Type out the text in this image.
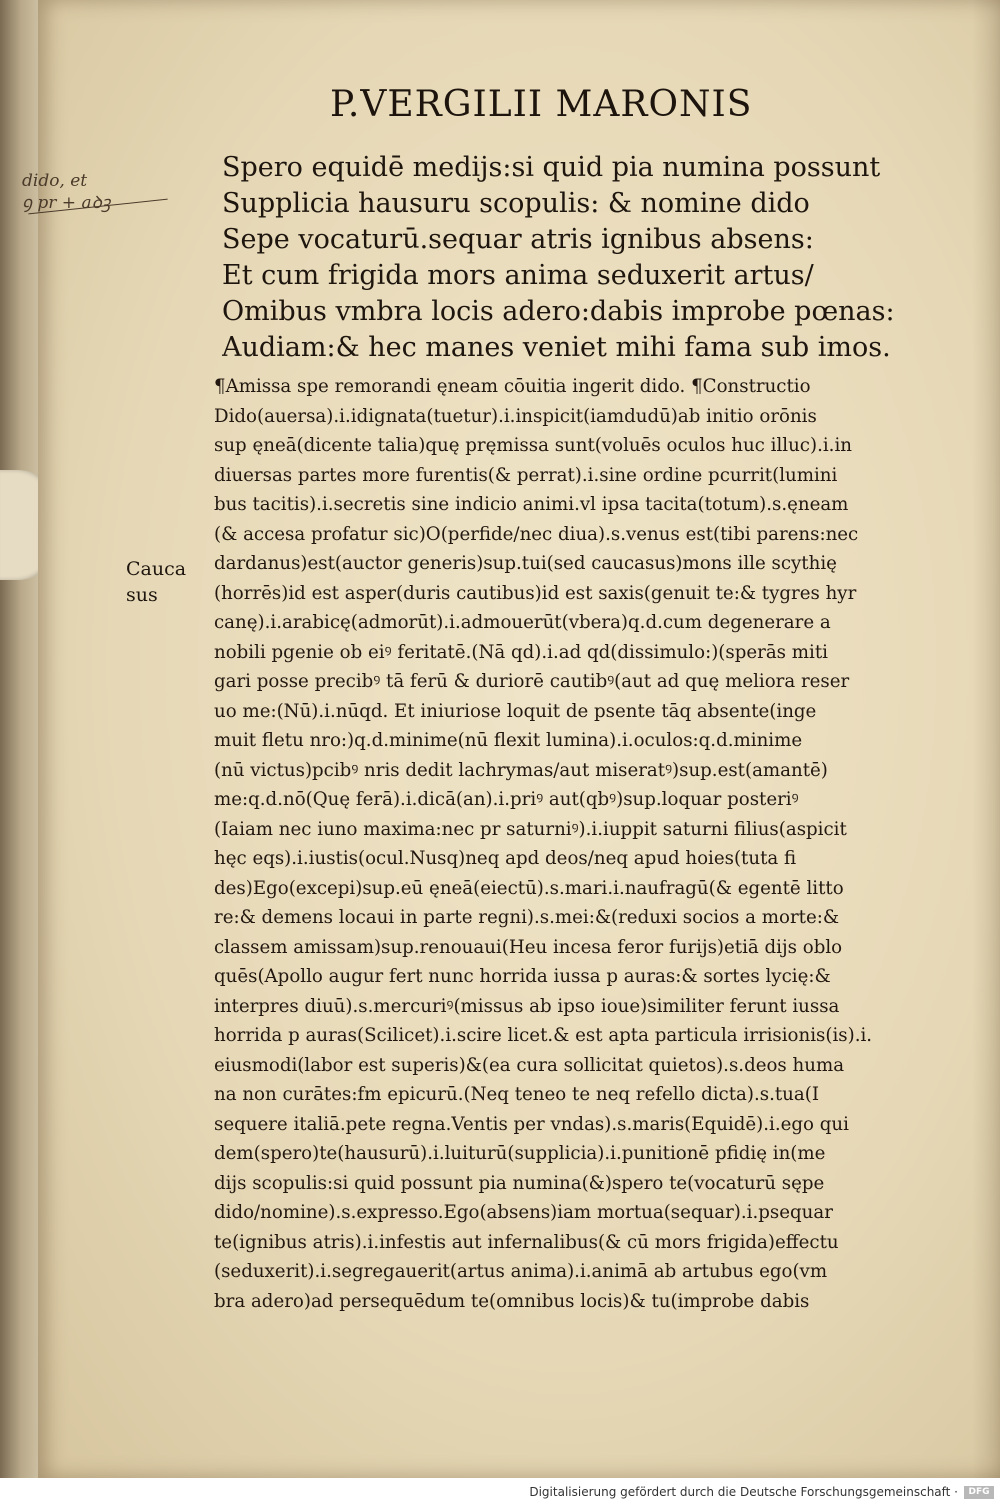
P.VERGILII MARONIS
dido, et
ꝯ pr + aꝺꝫ
Spero equidē medijs:si quid pia numina possunt
Supplicia hausuru scopulis: & nomine dido
Sepe vocaturū.sequar atris ignibus absens:
Et cum frigida mors anima seduxerit artus/
Omibus vmbra locis adero:dabis improbe pœnas:
Audiam:& hec manes veniet mihi fama sub imos.
Cauca
sus
¶Amissa spe remorandi ęneam cōuitia ingerit dido. ¶Constructio
Dido(auersa).i.idignata(tuetur).i.inspicit(iamdudū)ab initio orōnis
sup ęneā(dicente talia)quę pręmissa sunt(voluēs oculos huc illuc).i.in
diuersas partes more furentis(& perrat).i.sine ordine pcurrit(lumini
bus tacitis).i.secretis sine indicio animi.vl ipsa tacita(totum).s.ęneam
(& accesa profatur sic)O(perfide/nec diua).s.venus est(tibi parens:nec
dardanus)est(auctor generis)sup.tui(sed caucasus)mons ille scythię
(horrēs)id est asper(duris cautibus)id est saxis(genuit te:& tygres hyr
canę).i.arabicę(admorūt).i.admouerūt(vbera)q.d.cum degenerare a
nobili pgenie ob eiꝰ feritatē.(Nā qd).i.ad qd(dissimulo:)(sperās miti
gari posse precibꝰ tā ferū & duriorē cautibꝰ(aut ad quę meliora reser
uo me:(Nū).i.nūqd. Et iniuriose loquit de psente tāq absente(inge
muit fletu nro:)q.d.minime(nū flexit lumina).i.oculos:q.d.minime
(nū victus)pcibꝰ nris dedit lachrymas/aut miseratꝰ)sup.est(amantē)
me:q.d.nō(Quę ferā).i.dicā(an).i.priꝰ aut(qbꝰ)sup.loquar posteriꝰ
(Iaiam nec iuno maxima:nec pr saturniꝰ).i.iuppit saturni filius(aspicit
hęc eqs).i.iustis(ocul.Nusq)neq apd deos/neq apud hoies(tuta fi
des)Ego(excepi)sup.eū ęneā(eiectū).s.mari.i.naufragū(& egentē litto
re:& demens locaui in parte regni).s.mei:&(reduxi socios a morte:&
classem amissam)sup.renouaui(Heu incesa feror furijs)etiā dijs oblo
quēs(Apollo augur fert nunc horrida iussa p auras:& sortes lycię:&
interpres diuū).s.mercuriꝰ(missus ab ipso ioue)similiter ferunt iussa
horrida p auras(Scilicet).i.scire licet.& est apta particula irrisionis(is).i.
eiusmodi(labor est superis)&(ea cura sollicitat quietos).s.deos huma
na non curātes:fm epicurū.(Neq teneo te neq refello dicta).s.tua(I
sequere italiā.pete regna.Ventis per vndas).s.maris(Equidē).i.ego qui
dem(spero)te(hausurū).i.luiturū(supplicia).i.punitionē pfidię in(me
dijs scopulis:si quid possunt pia numina(&)spero te(vocaturū sępe
dido/nomine).s.expresso.Ego(absens)iam mortua(sequar).i.psequar
te(ignibus atris).i.infestis aut infernalibus(& cū mors frigida)effectu
(seduxerit).i.segregauerit(artus anima).i.animā ab artubus ego(vm
bra adero)ad persequēdum te(omnibus locis)& tu(improbe dabis
Digitalisierung gefördert durch die Deutsche Forschungsgemeinschaft ·	DFG
